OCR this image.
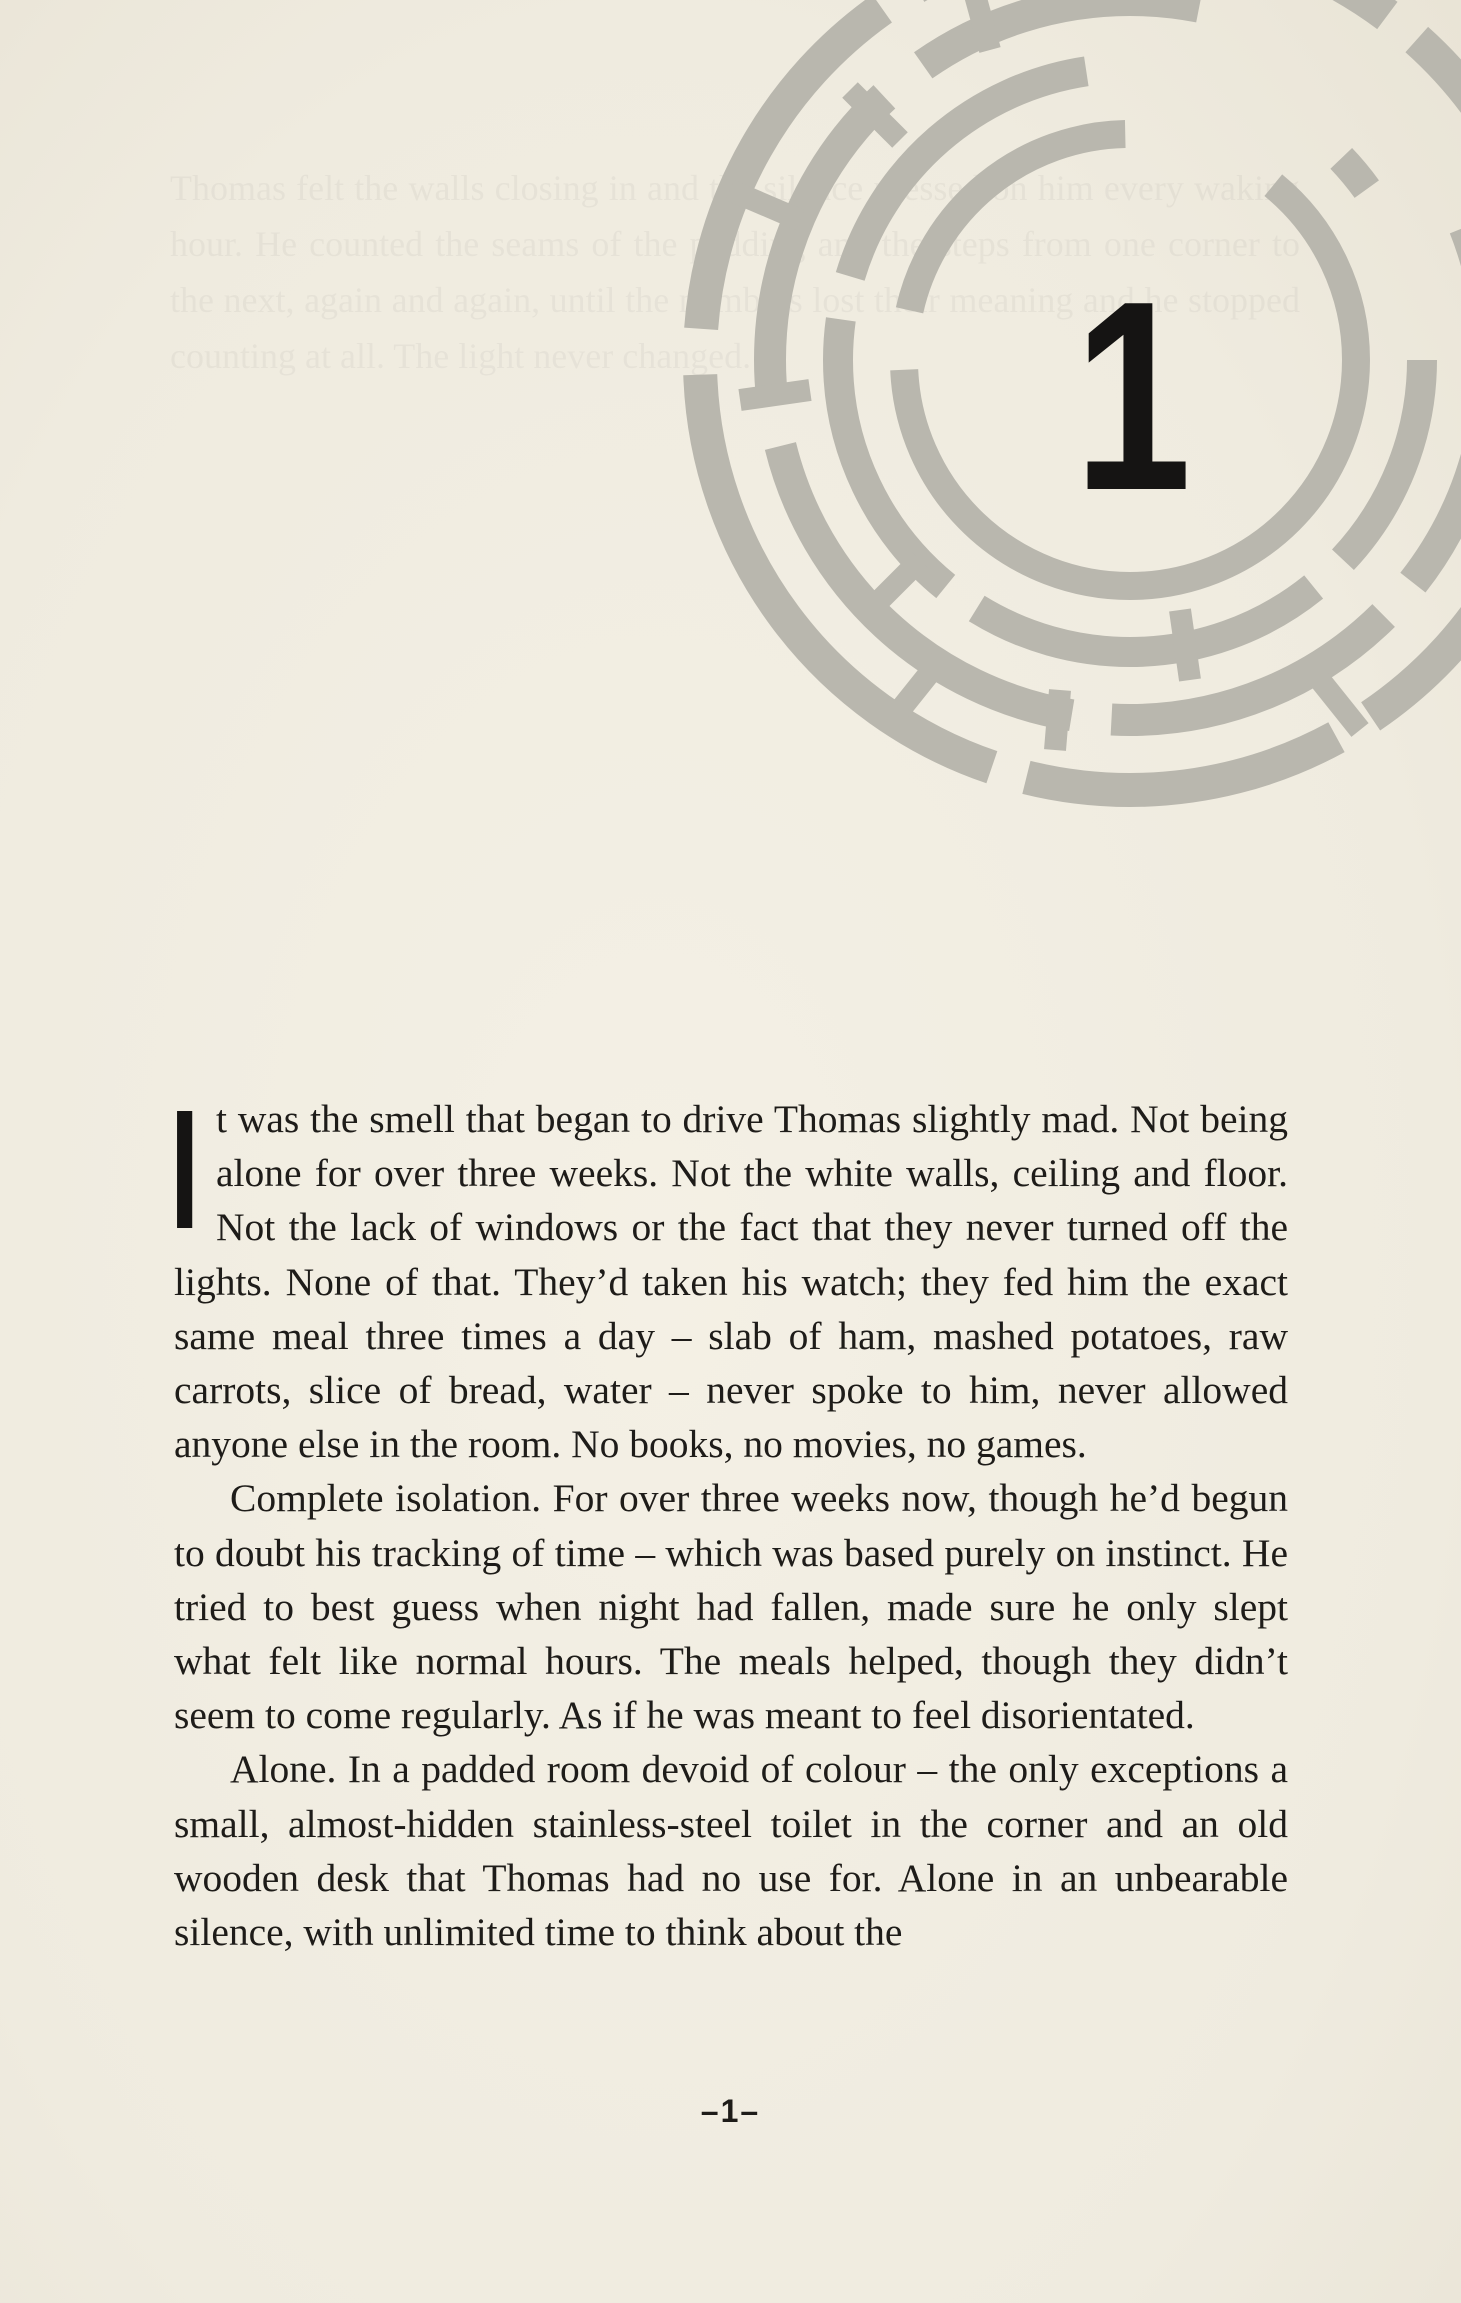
1

It was the smell that began to drive Thomas slightly mad. Not being alone for over three weeks. Not the white walls, ceiling and floor. Not the lack of windows or the fact that they never turned off the lights. None of that. They’d taken his watch; they fed him the exact same meal three times a day – slab of ham, mashed potatoes, raw carrots, slice of bread, water – never spoke to him, never allowed anyone else in the room. No books, no movies, no games.

Complete isolation. For over three weeks now, though he’d begun to doubt his tracking of time – which was based purely on instinct. He tried to best guess when night had fallen, made sure he only slept what felt like normal hours. The meals helped, though they didn’t seem to come regularly. As if he was meant to feel disorientated.

Alone. In a padded room devoid of colour – the only exceptions a small, almost-hidden stainless-steel toilet in the corner and an old wooden desk that Thomas had no use for. Alone in an unbearable silence, with unlimited time to think about the

–1–
